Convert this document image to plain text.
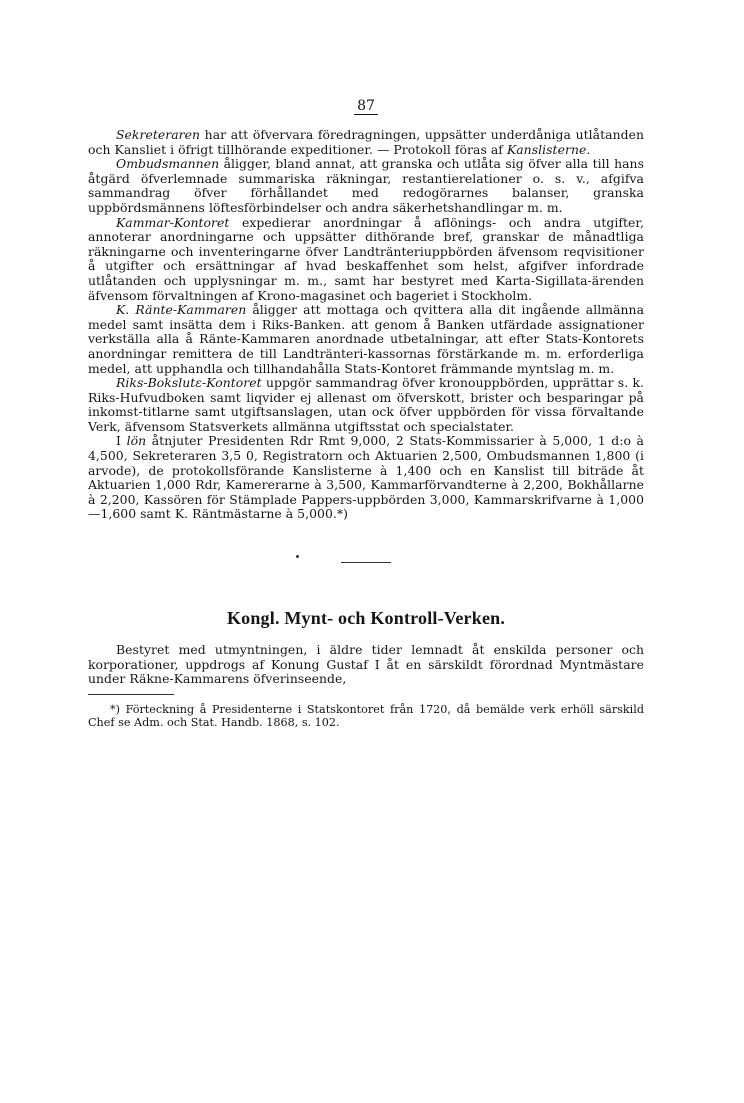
87

Sekreteraren har att öfvervara föredragningen, uppsätter underdåniga utlåtanden och Kansliet i öfrigt tillhörande expeditioner. — Protokoll föras af Kanslisterne.

Ombudsmannen åligger, bland annat, att granska och utlåta sig öfver alla till hans åtgärd öfverlemnade summariska räkningar, restantierelationer o. s. v., afgifva sammandrag öfver förhållandet med redogörarnes balanser, granska uppbördsmännens löftesförbindelser och andra säkerhetshandlingar m. m.

Kammar-Kontoret expedierar anordningar å aflönings- och andra utgifter, annoterar anordningarne och uppsätter dithörande bref, granskar de månadtliga räkningarne och inventeringarne öfver Landtränteriuppbörden äfvensom reqvisitioner å utgifter och ersättningar af hvad beskaffenhet som helst, afgifver infordrade utlåtanden och upplysningar m. m., samt har bestyret med Karta-Sigillata-ärenden äfvensom förvaltningen af Krono-magasinet och bageriet i Stockholm.

K. Ränte-Kammaren åligger att mottaga och qvittera alla dit ingående allmänna medel samt insätta dem i Riks-Banken. att genom å Banken utfärdade assignationer verkställa alla å Ränte-Kammaren anordnade utbetalningar, att efter Stats-Kontorets anordningar remittera de till Landtränteri-kassornas förstärkande m. m. erforderliga medel, att upphandla och tillhandahålla Stats-Kontoret främmande myntslag m. m.

Riks-Bokslutɛ-Kontoret uppgör sammandrag öfver kronouppbörden, upprättar s. k. Riks-Hufvudboken samt liqvider ej allenast om öfverskott, brister och besparingar på inkomst-titlarne samt utgiftsanslagen, utan ock öfver uppbörden för vissa förvaltande Verk, äfvensom Statsverkets allmänna utgiftsstat och specialstater.

I lön åtnjuter Presidenten Rdr Rmt 9,000, 2 Stats-Kommissarier à 5,000, 1 d:o à 4,500, Sekreteraren 3,5 0, Registratorn och Aktuarien 2,500, Ombudsmannen 1,800 (i arvode), de protokollsförande Kanslisterne à 1,400 och en Kanslist till biträde åt Aktuarien 1,000 Rdr, Kamererarne à 3,500, Kammarförvandterne à 2,200, Bokhållarne à 2,200, Kassören för Stämplade Pappers-uppbörden 3,000, Kammarskrifvarne à 1,000—1,600 samt K. Räntmästarne à 5,000.*)

Kongl. Mynt- och Kontroll-Verken.

Bestyret med utmyntningen, i äldre tider lemnadt åt enskilda personer och korporationer, uppdrogs af Konung Gustaf I åt en särskildt förordnad Myntmästare under Räkne-Kammarens öfverinseende,

*) Förteckning å Presidenterne i Statskontoret från 1720, då bemälde verk erhöll särskild Chef se Adm. och Stat. Handb. 1868, s. 102.
